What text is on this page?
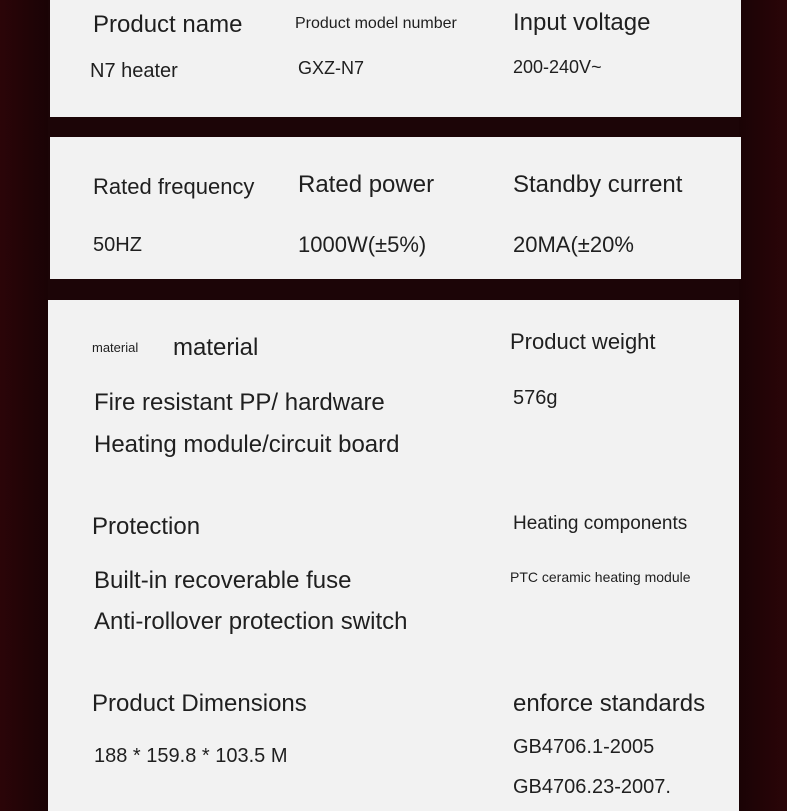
Product name
N7 heater
Product model number
GXZ-N7
Input voltage
200-240V~
Rated frequency
50HZ
Rated power
1000W(±5%)
Standby current
20MA(±20%
material material
Fire resistant PP/ hardware
Heating module/circuit board
Product weight
576g
Protection
Built-in recoverable fuse
Anti-rollover protection switch
Heating components
PTC ceramic heating module
Product Dimensions
188 * 159.8 * 103.5 M
enforce standards
GB4706.1-2005
GB4706.23-2007.
